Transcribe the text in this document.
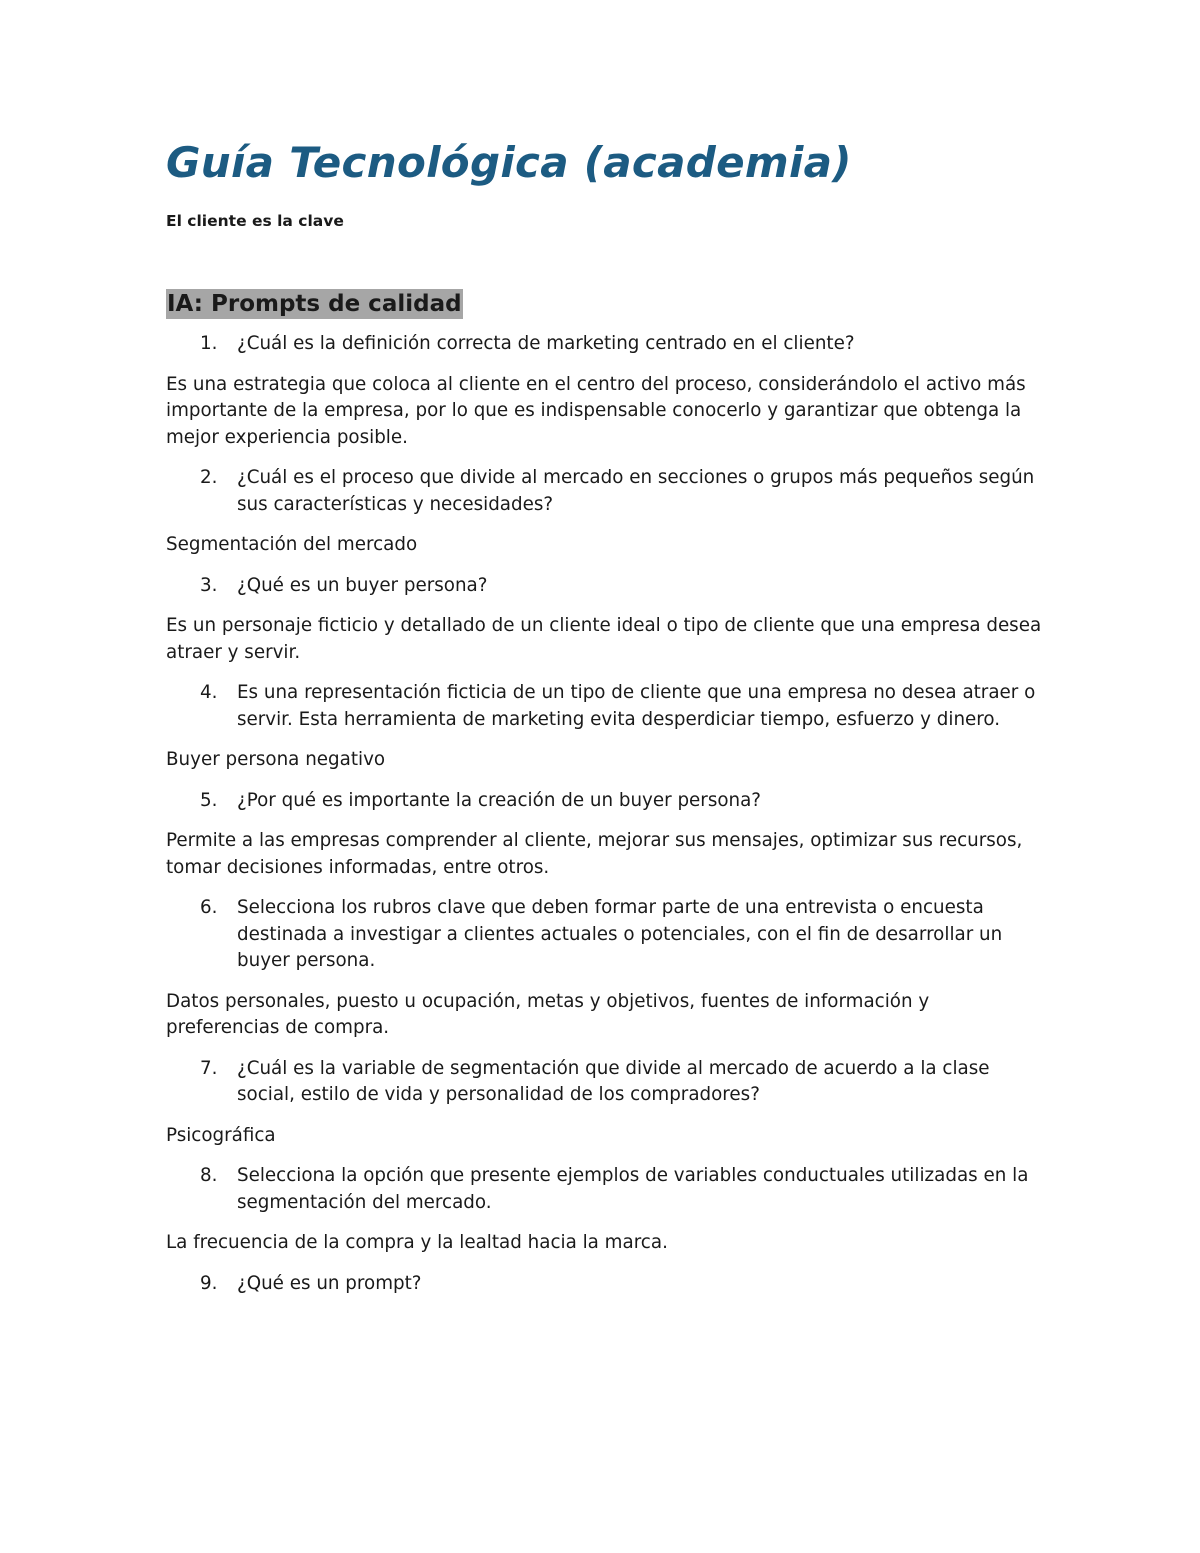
Guía Tecnológica (academia)

El cliente es la clave

IA: Prompts de calidad
1.	¿Cuál es la definición correcta de marketing centrado en el cliente?

Es una estrategia que coloca al cliente en el centro del proceso, considerándolo el activo más importante de la empresa, por lo que es indispensable conocerlo y garantizar que obtenga la mejor experiencia posible.

2.	¿Cuál es el proceso que divide al mercado en secciones o grupos más pequeños según sus características y necesidades?

Segmentación del mercado

3.	¿Qué es un buyer persona?

Es un personaje ficticio y detallado de un cliente ideal o tipo de cliente que una empresa desea atraer y servir.

4.	Es una representación ficticia de un tipo de cliente que una empresa no desea atraer o servir. Esta herramienta de marketing evita desperdiciar tiempo, esfuerzo y dinero.

Buyer persona negativo

5.	¿Por qué es importante la creación de un buyer persona?

Permite a las empresas comprender al cliente, mejorar sus mensajes, optimizar sus recursos, tomar decisiones informadas, entre otros.

6.	Selecciona los rubros clave que deben formar parte de una entrevista o encuesta destinada a investigar a clientes actuales o potenciales, con el fin de desarrollar un buyer persona.

Datos personales, puesto u ocupación, metas y objetivos, fuentes de información y preferencias de compra.

7.	¿Cuál es la variable de segmentación que divide al mercado de acuerdo a la clase social, estilo de vida y personalidad de los compradores?

Psicográfica

8.	Selecciona la opción que presente ejemplos de variables conductuales utilizadas en la segmentación del mercado.

La frecuencia de la compra y la lealtad hacia la marca.

9.	¿Qué es un prompt?
